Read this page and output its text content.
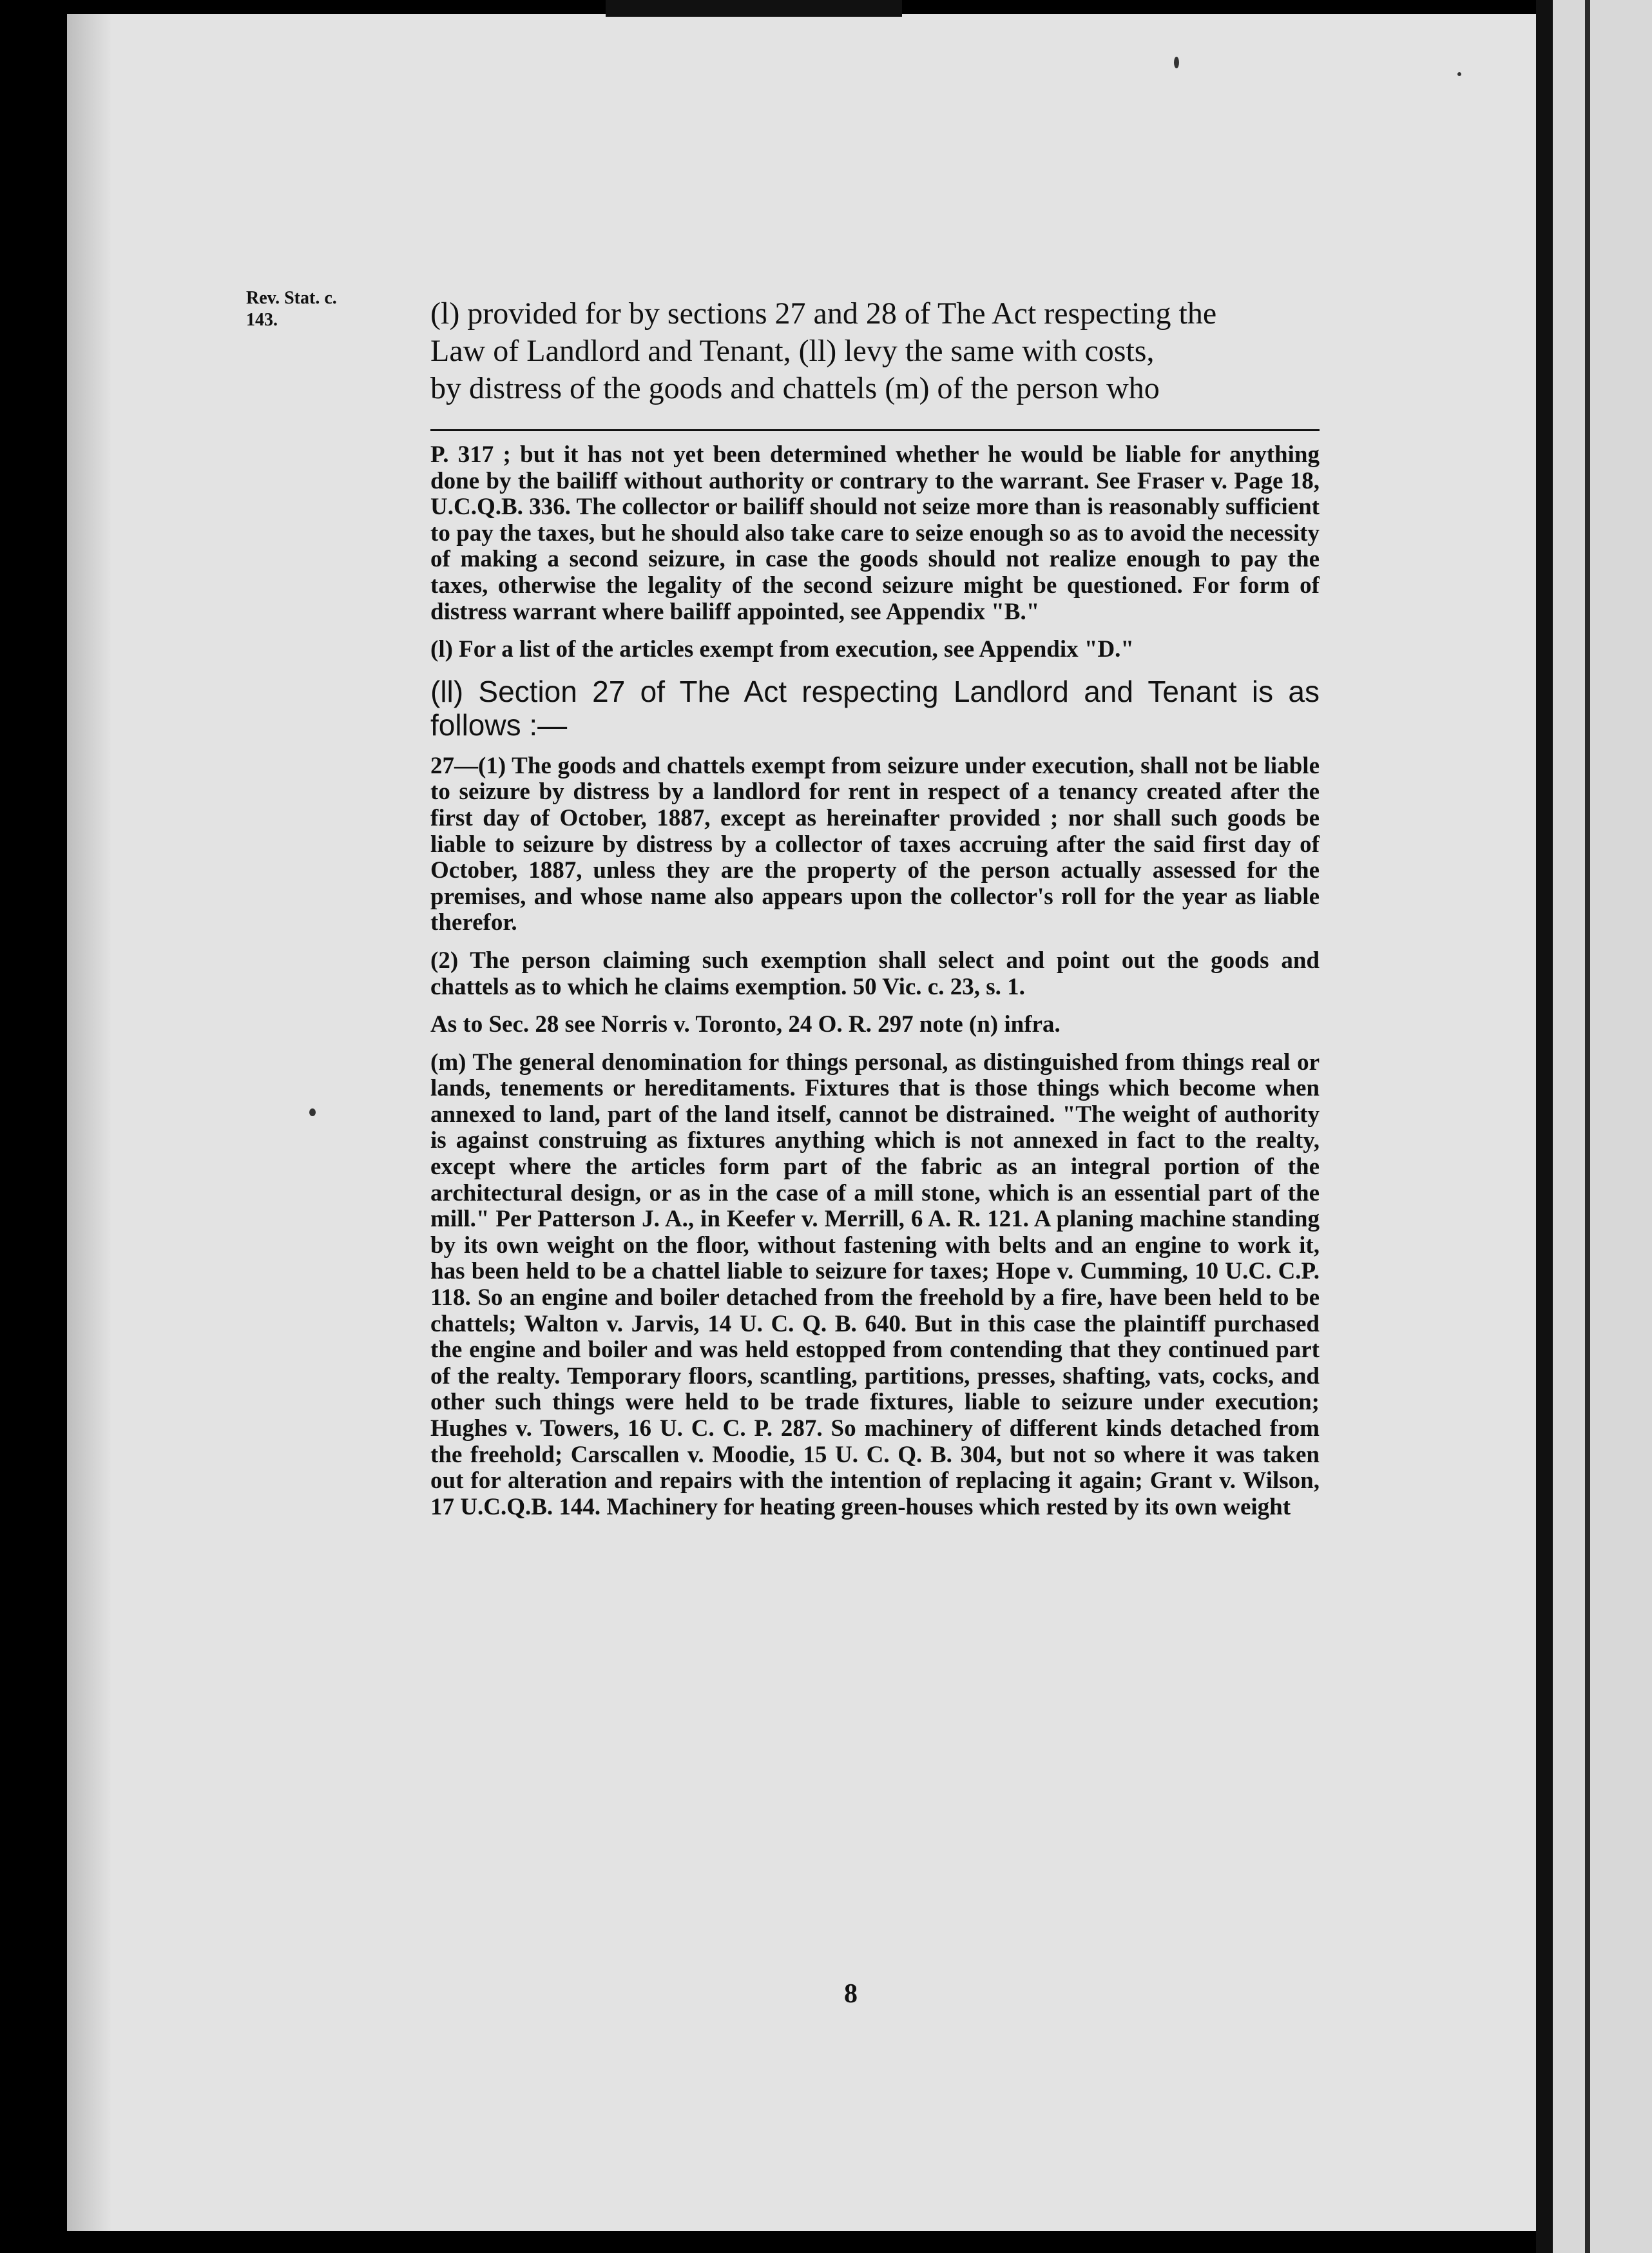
Rev. Stat. c.
143.	(l) provided for by sections 27 and 28 of The Act respecting the
Law of Landlord and Tenant, (ll) levy the same with costs,
by distress of the goods and chattels (m) of the person who

P. 317 ; but it has not yet been determined whether he would be liable for anything done by the bailiff without authority or contrary to the warrant. See Fraser v. Page 18, U.C.Q.B. 336. The collector or bailiff should not seize more than is reasonably sufficient to pay the taxes, but he should also take care to seize enough so as to avoid the necessity of making a second seizure, in case the goods should not realize enough to pay the taxes, otherwise the legality of the second seizure might be questioned. For form of distress warrant where bailiff appointed, see Appendix "B."

(l) For a list of the articles exempt from execution, see Appendix "D."

(ll) Section 27 of The Act respecting Landlord and Tenant is as follows :—

27—(1) The goods and chattels exempt from seizure under execution, shall not be liable to seizure by distress by a landlord for rent in respect of a tenancy created after the first day of October, 1887, except as hereinafter provided ; nor shall such goods be liable to seizure by distress by a collector of taxes accruing after the said first day of October, 1887, unless they are the property of the person actually assessed for the premises, and whose name also appears upon the collector's roll for the year as liable therefor.

(2) The person claiming such exemption shall select and point out the goods and chattels as to which he claims exemption. 50 Vic. c. 23, s. 1.

As to Sec. 28 see Norris v. Toronto, 24 O. R. 297 note (n) infra.

(m) The general denomination for things personal, as distinguished from things real or lands, tenements or hereditaments. Fixtures that is those things which become when annexed to land, part of the land itself, cannot be distrained. "The weight of authority is against construing as fixtures anything which is not annexed in fact to the realty, except where the articles form part of the fabric as an integral portion of the architectural design, or as in the case of a mill stone, which is an essential part of the mill." Per Patterson J. A., in Keefer v. Merrill, 6 A. R. 121. A planing machine standing by its own weight on the floor, without fastening with belts and an engine to work it, has been held to be a chattel liable to seizure for taxes; Hope v. Cumming, 10 U.C. C.P. 118. So an engine and boiler detached from the freehold by a fire, have been held to be chattels; Walton v. Jarvis, 14 U. C. Q. B. 640. But in this case the plaintiff purchased the engine and boiler and was held estopped from contending that they continued part of the realty. Temporary floors, scantling, partitions, presses, shafting, vats, cocks, and other such things were held to be trade fixtures, liable to seizure under execution; Hughes v. Towers, 16 U. C. C. P. 287. So machinery of different kinds detached from the freehold; Carscallen v. Moodie, 15 U. C. Q. B. 304, but not so where it was taken out for alteration and repairs with the intention of replacing it again; Grant v. Wilson, 17 U.C.Q.B. 144. Machinery for heating green-houses which rested by its own weight

8
